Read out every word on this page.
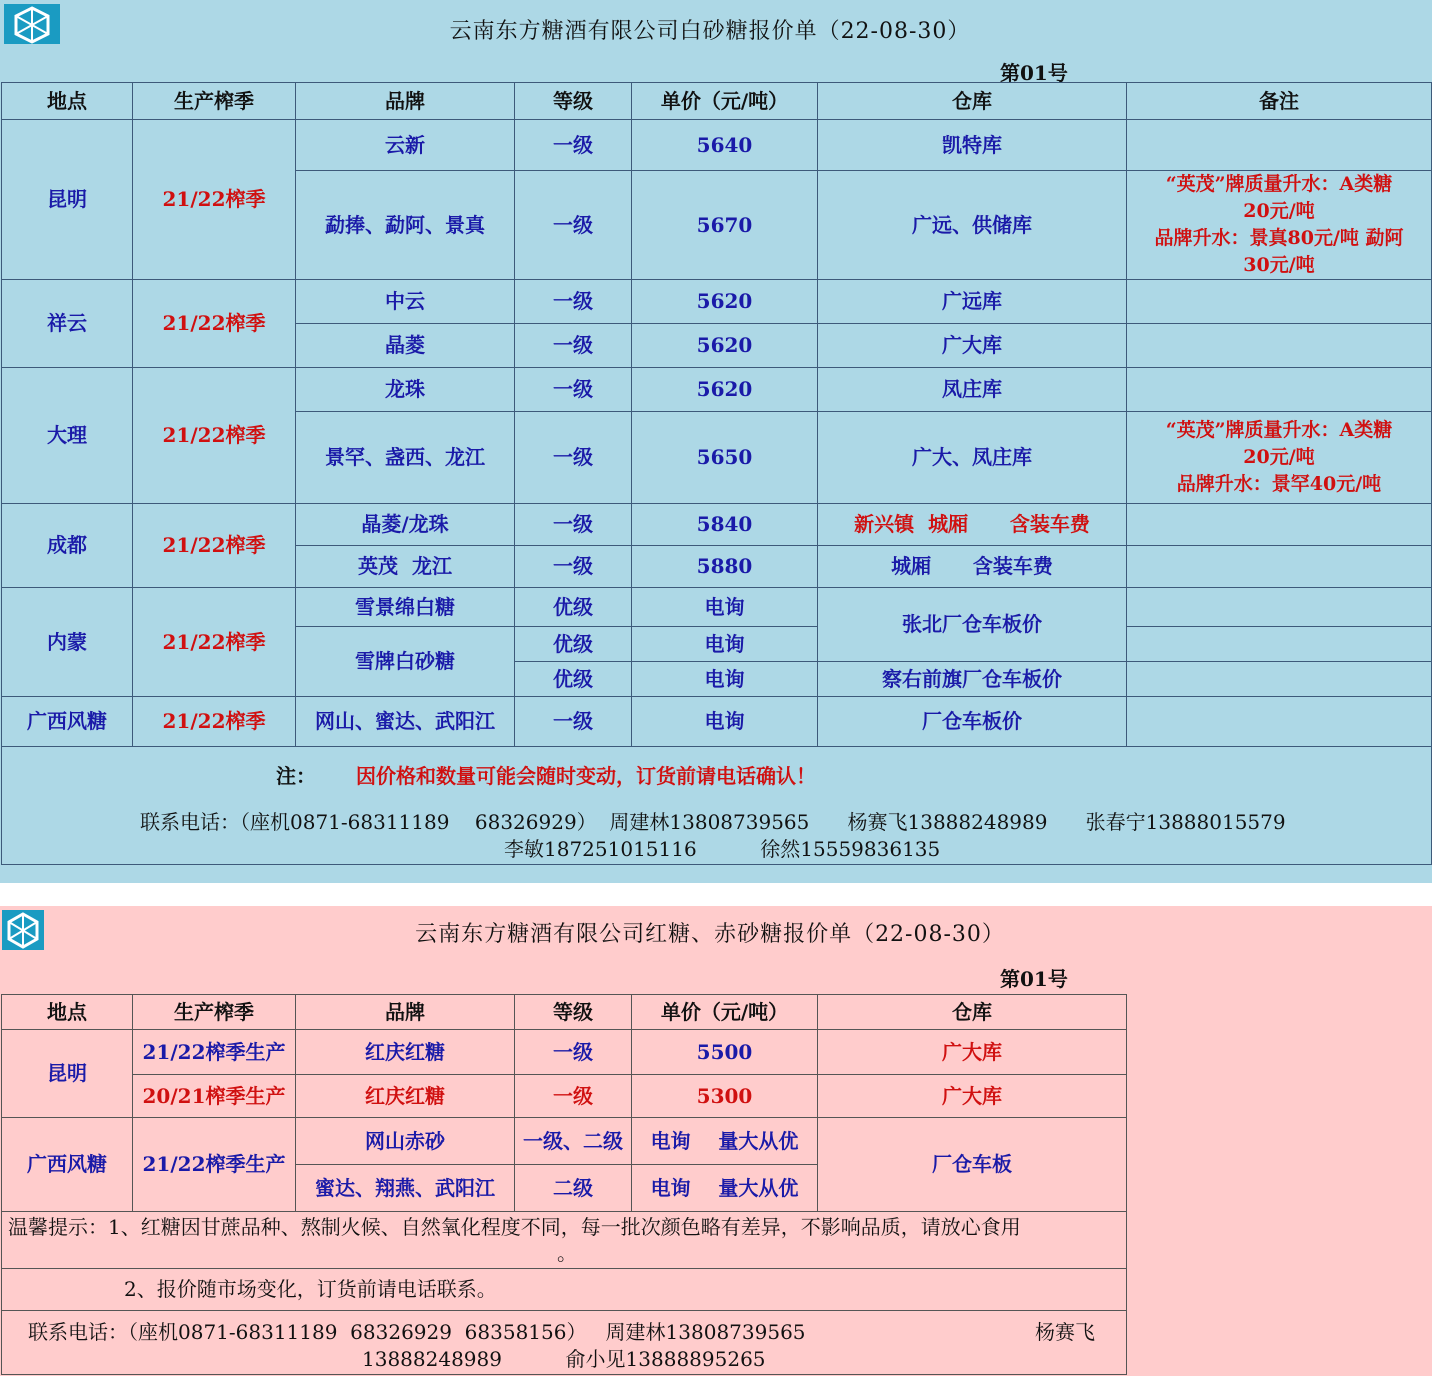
云南东方糖酒有限公司白砂糖报价单（22-08-30）
第01号
地点	生产榨季	品牌	等级	单价（元/吨）	仓库	备注
昆明	21/22榨季	云新	一级	5640	凯特库	
		勐捧、勐阿、景真	一级	5670	广远、供储库	“英茂”牌质量升水：A类糖
20元/吨
品牌升水：景真80元/吨 勐阿
30元/吨

祥云	21/22榨季	中云	一级	5620	广远库	
		晶菱	一级	5620	广大库	
大理	21/22榨季	龙珠	一级	5620	凤庄库	
		景罕、盏西、龙江	一级	5650	广大、凤庄库	“英茂”牌质量升水：A类糖
20元/吨
品牌升水：景罕40元/吨

成都	21/22榨季	晶菱/龙珠	一级	5840	新兴镇  城厢      含装车费	
		英茂  龙江	一级	5880	城厢      含装车费	
内蒙	21/22榨季	雪景绵白糖	优级	电询	张北厂仓车板价	
		雪牌白砂糖	优级	电询		
			优级	电询	察右前旗厂仓车板价	
广西风糖	21/22榨季	网山、蜜达、武阳江	一级	电询	厂仓车板价	

注： 因价格和数量可能会随时变动，订货前请电话确认！
联系电话：（座机0871-68311189    68326929）  周建林13808739565      杨赛飞13888248989      张春宁13888015579
李敏187251015116          徐然15559836135
云南东方糖酒有限公司红糖、赤砂糖报价单（22-08-30）
第01号
地点	生产榨季	品牌	等级	单价（元/吨）	仓库
昆明	21/22榨季生产	红庆红糖	一级	5500	广大库
	20/21榨季生产	红庆红糖	一级	5300	广大库
广西风糖	21/22榨季生产	网山赤砂	一级、二级	电询    量大从优	厂仓车板
		蜜达、翔燕、武阳江	二级	电询    量大从优	

温馨提示：1、红糖因甘蔗品种、熬制火候、自然氧化程度不同，每一批次颜色略有差异，不影响品质，请放心食用
。					

2、报价随市场变化，订货前请电话联系。					

联系电话：（座机0871-68311189  68326929  68358156）   周建林13808739565	杨赛飞
13888248989          俞小见13888895265
